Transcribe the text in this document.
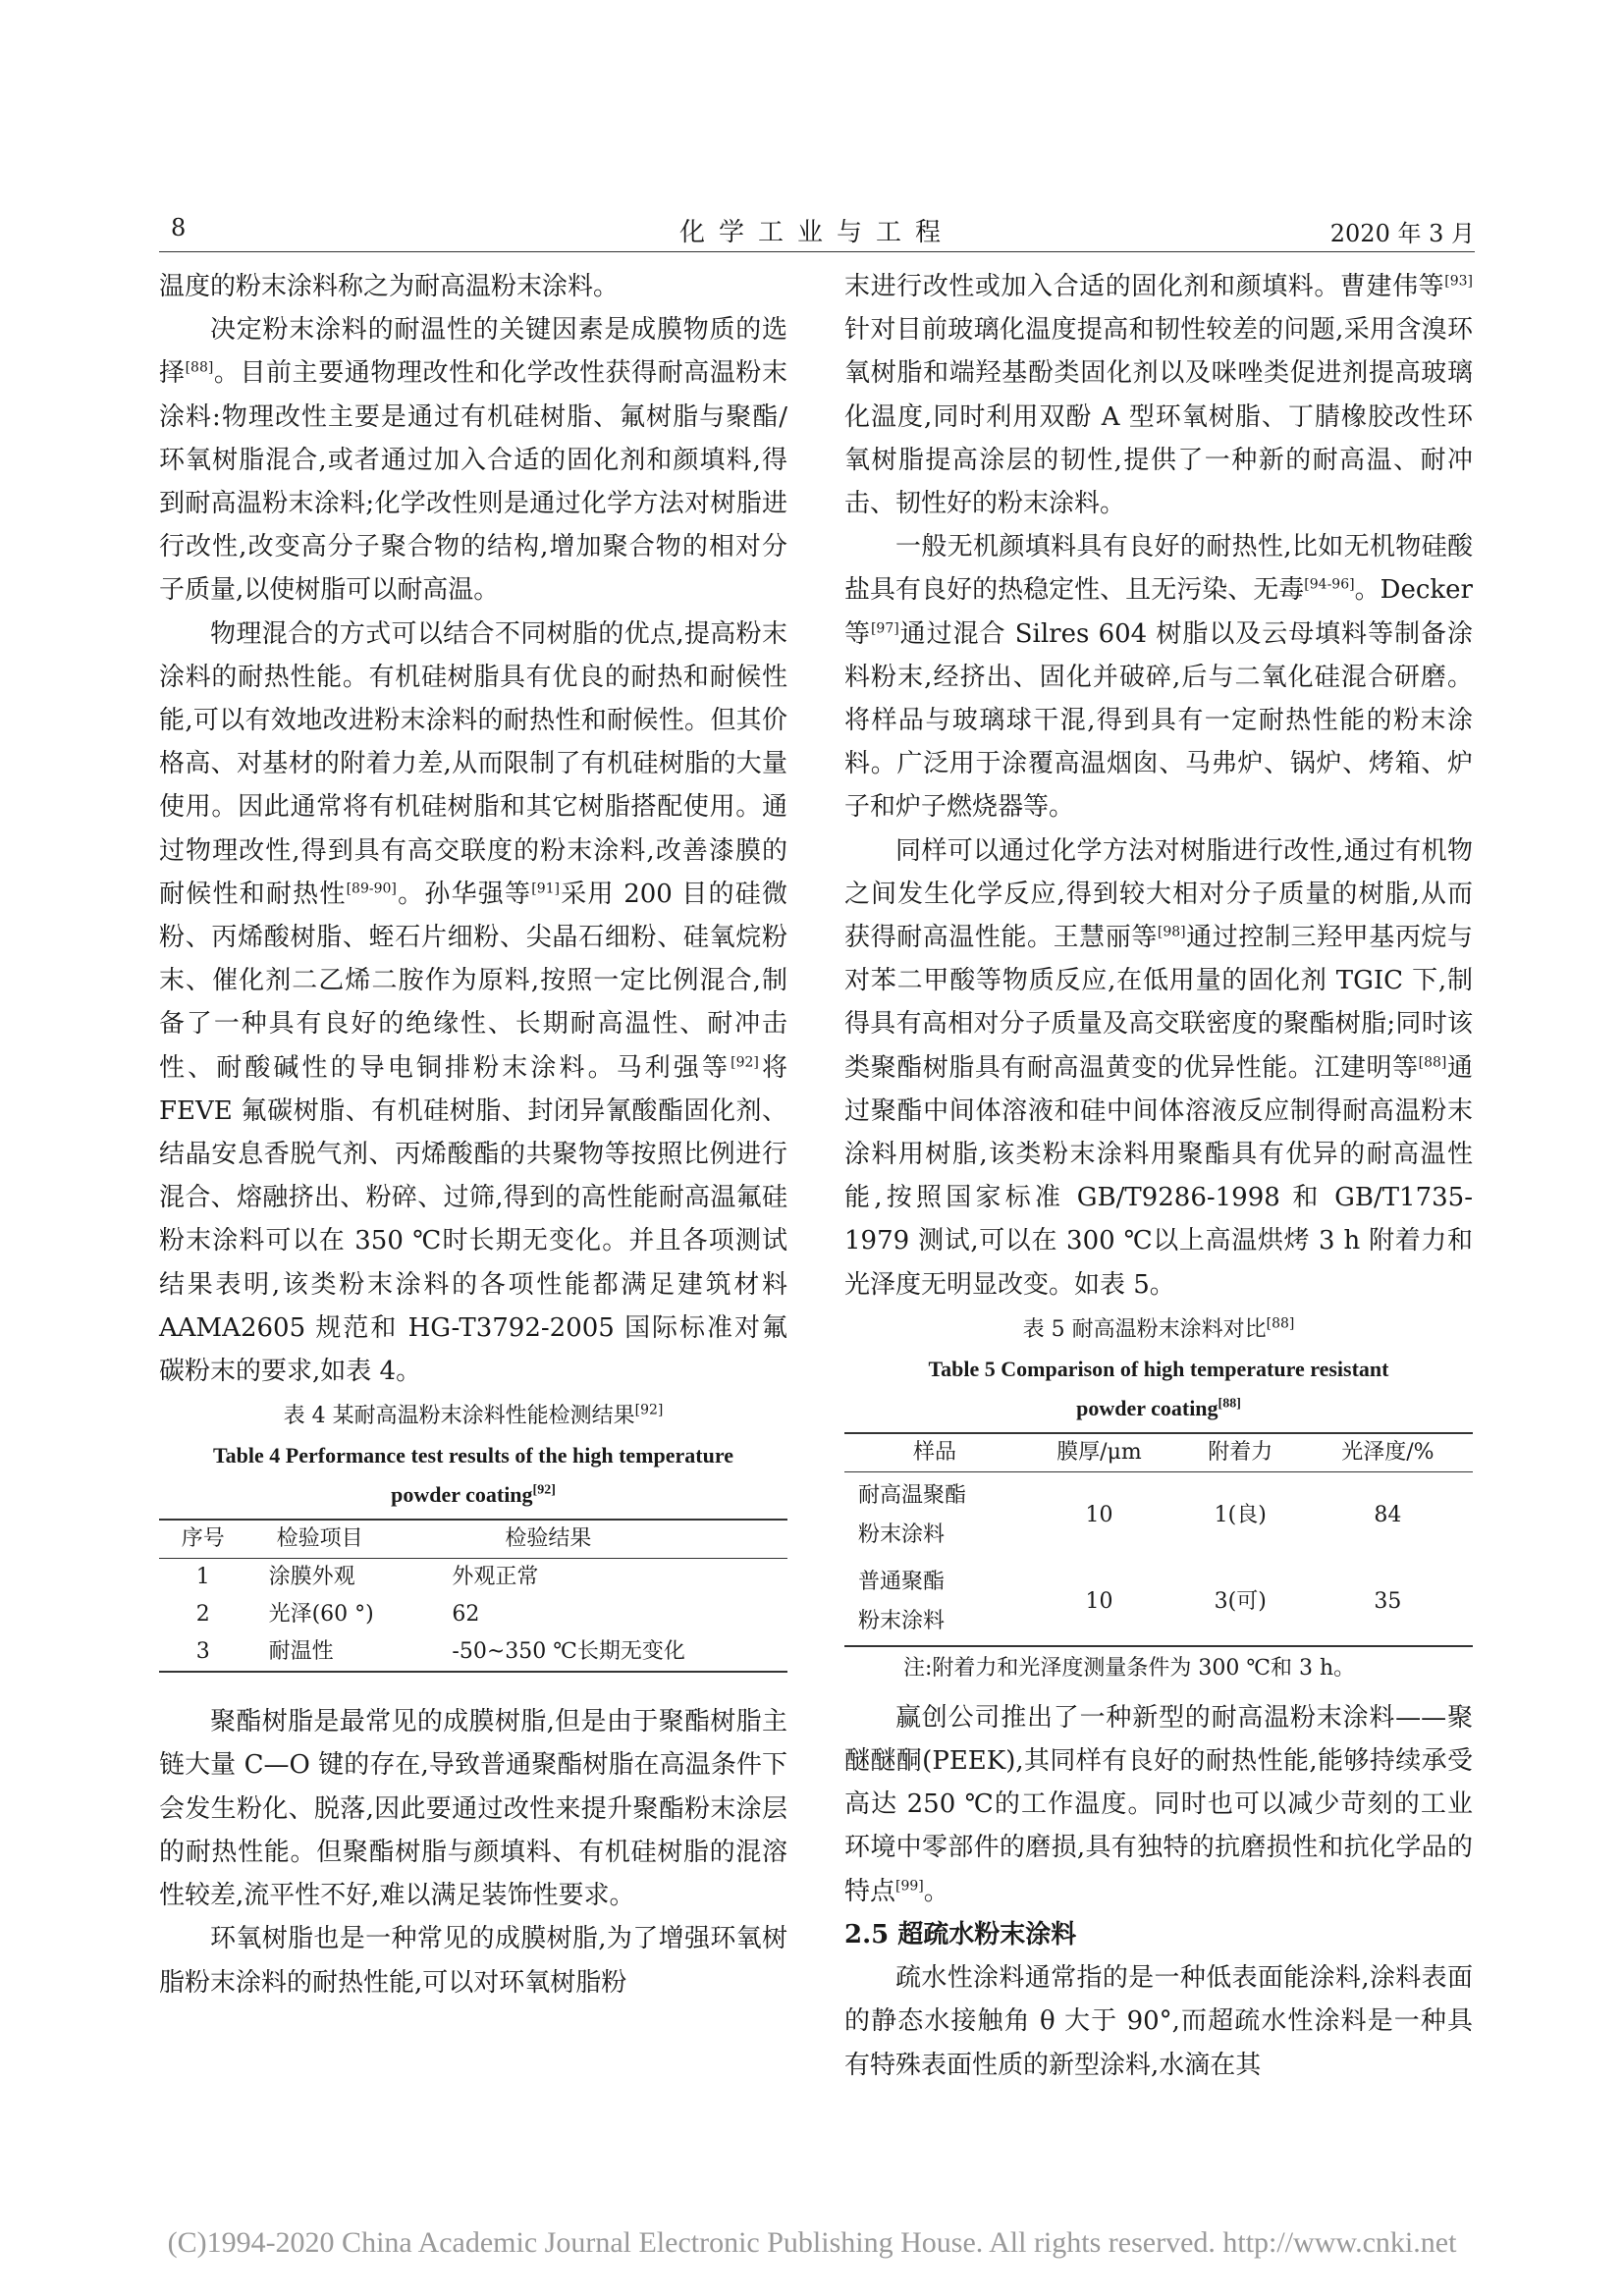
8	化学工业与工程	2020 年 3 月

温度的粉末涂料称之为耐高温粉末涂料。

决定粉末涂料的耐温性的关键因素是成膜物质的选择[88]。目前主要通物理改性和化学改性获得耐高温粉末涂料:物理改性主要是通过有机硅树脂、氟树脂与聚酯/环氧树脂混合,或者通过加入合适的固化剂和颜填料,得到耐高温粉末涂料;化学改性则是通过化学方法对树脂进行改性,改变高分子聚合物的结构,增加聚合物的相对分子质量,以使树脂可以耐高温。

物理混合的方式可以结合不同树脂的优点,提高粉末涂料的耐热性能。有机硅树脂具有优良的耐热和耐候性能,可以有效地改进粉末涂料的耐热性和耐候性。但其价格高、对基材的附着力差,从而限制了有机硅树脂的大量使用。因此通常将有机硅树脂和其它树脂搭配使用。通过物理改性,得到具有高交联度的粉末涂料,改善漆膜的耐候性和耐热性[89-90]。孙华强等[91]采用 200 目的硅微粉、丙烯酸树脂、蛭石片细粉、尖晶石细粉、硅氧烷粉末、催化剂二乙烯二胺作为原料,按照一定比例混合,制备了一种具有良好的绝缘性、长期耐高温性、耐冲击性、耐酸碱性的导电铜排粉末涂料。马利强等[92]将 FEVE 氟碳树脂、有机硅树脂、封闭异氰酸酯固化剂、结晶安息香脱气剂、丙烯酸酯的共聚物等按照比例进行混合、熔融挤出、粉碎、过筛,得到的高性能耐高温氟硅粉末涂料可以在 350 ℃时长期无变化。并且各项测试结果表明,该类粉末涂料的各项性能都满足建筑材料 AAMA2605 规范和 HG-T3792-2005 国际标准对氟碳粉末的要求,如表 4。

表 4 某耐高温粉末涂料性能检测结果[92]
Table 4 Performance test results of the high temperature
powder coating[92]
序号	检验项目	检验结果
1	涂膜外观	外观正常
2	光泽(60 °)	62
3	耐温性	-50~350 ℃长期无变化

聚酯树脂是最常见的成膜树脂,但是由于聚酯树脂主链大量 C—O 键的存在,导致普通聚酯树脂在高温条件下会发生粉化、脱落,因此要通过改性来提升聚酯粉末涂层的耐热性能。但聚酯树脂与颜填料、有机硅树脂的混溶性较差,流平性不好,难以满足装饰性要求。

环氧树脂也是一种常见的成膜树脂,为了增强环氧树脂粉末涂料的耐热性能,可以对环氧树脂粉

末进行改性或加入合适的固化剂和颜填料。曹建伟等[93]针对目前玻璃化温度提高和韧性较差的问题,采用含溴环氧树脂和端羟基酚类固化剂以及咪唑类促进剂提高玻璃化温度,同时利用双酚 A 型环氧树脂、丁腈橡胶改性环氧树脂提高涂层的韧性,提供了一种新的耐高温、耐冲击、韧性好的粉末涂料。

一般无机颜填料具有良好的耐热性,比如无机物硅酸盐具有良好的热稳定性、且无污染、无毒[94-96]。Decker 等[97]通过混合 Silres 604 树脂以及云母填料等制备涂料粉末,经挤出、固化并破碎,后与二氧化硅混合研磨。将样品与玻璃球干混,得到具有一定耐热性能的粉末涂料。广泛用于涂覆高温烟囱、马弗炉、锅炉、烤箱、炉子和炉子燃烧器等。

同样可以通过化学方法对树脂进行改性,通过有机物之间发生化学反应,得到较大相对分子质量的树脂,从而获得耐高温性能。王慧丽等[98]通过控制三羟甲基丙烷与对苯二甲酸等物质反应,在低用量的固化剂 TGIC 下,制得具有高相对分子质量及高交联密度的聚酯树脂;同时该类聚酯树脂具有耐高温黄变的优异性能。江建明等[88]通过聚酯中间体溶液和硅中间体溶液反应制得耐高温粉末涂料用树脂,该类粉末涂料用聚酯具有优异的耐高温性能,按照国家标准 GB/T9286-1998 和 GB/T1735-1979 测试,可以在 300 ℃以上高温烘烤 3 h 附着力和光泽度无明显改变。如表 5。

表 5 耐高温粉末涂料对比[88]
Table 5 Comparison of high temperature resistant
powder coating[88]
样品	膜厚/μm	附着力	光泽度/%
耐高温聚酯
粉末涂料	10	1(良)	84
普通聚酯
粉末涂料	10	3(可)	35
注:附着力和光泽度测量条件为 300 ℃和 3 h。

赢创公司推出了一种新型的耐高温粉末涂料——聚醚醚酮(PEEK),其同样有良好的耐热性能,能够持续承受高达 250 ℃的工作温度。同时也可以减少苛刻的工业环境中零部件的磨损,具有独特的抗磨损性和抗化学品的特点[99]。

2.5 超疏水粉末涂料

疏水性涂料通常指的是一种低表面能涂料,涂料表面的静态水接触角 θ 大于 90°,而超疏水性涂料是一种具有特殊表面性质的新型涂料,水滴在其

(C)1994-2020 China Academic Journal Electronic Publishing House. All rights reserved. http://www.cnki.net
